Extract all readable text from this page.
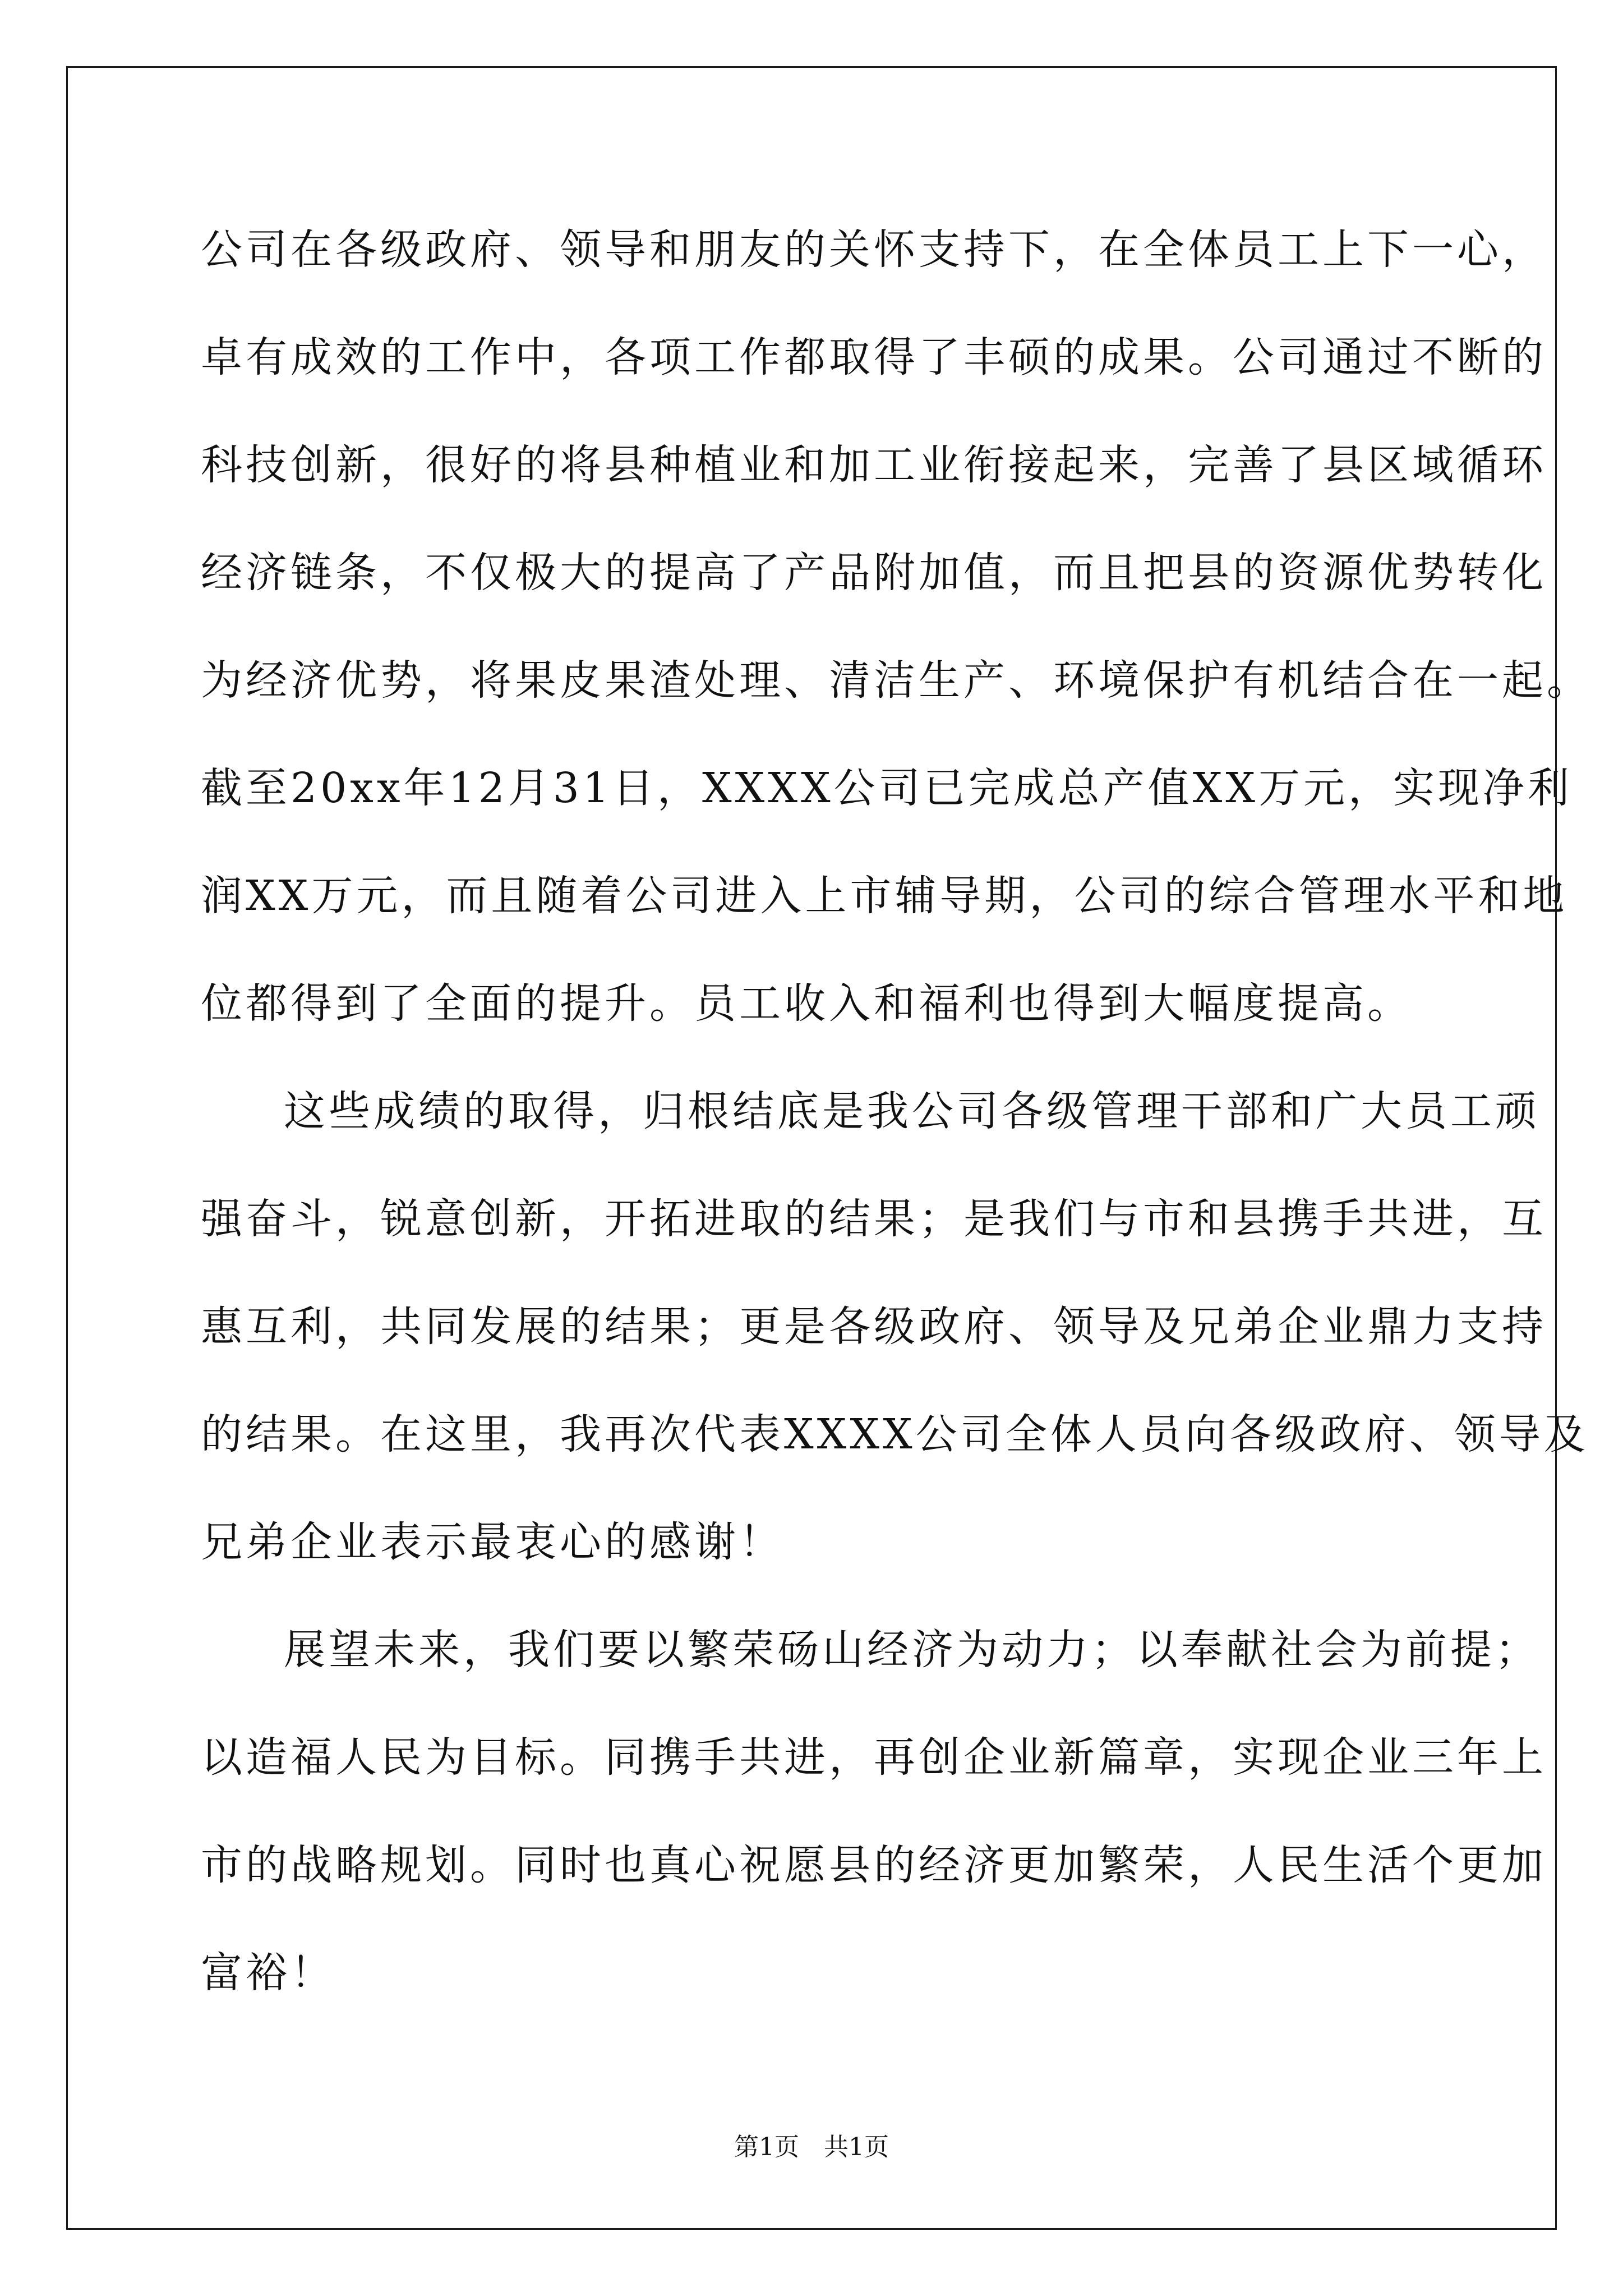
公司在各级政府、领导和朋友的关怀支持下，在全体员工上下一心，
卓有成效的工作中，各项工作都取得了丰硕的成果。公司通过不断的
科技创新，很好的将县种植业和加工业衔接起来，完善了县区域循环
经济链条，不仅极大的提高了产品附加值，而且把县的资源优势转化
为经济优势，将果皮果渣处理、清洁生产、环境保护有机结合在一起。
截至20xx年12月31日，XXXX公司已完成总产值XX万元，实现净利
润XX万元，而且随着公司进入上市辅导期，公司的综合管理水平和地
位都得到了全面的提升。员工收入和福利也得到大幅度提高。
这些成绩的取得，归根结底是我公司各级管理干部和广大员工顽
强奋斗，锐意创新，开拓进取的结果；是我们与市和县携手共进，互
惠互利，共同发展的结果；更是各级政府、领导及兄弟企业鼎力支持
的结果。在这里，我再次代表XXXX公司全体人员向各级政府、领导及
兄弟企业表示最衷心的感谢！
展望未来，我们要以繁荣砀山经济为动力；以奉献社会为前提；
以造福人民为目标。同携手共进，再创企业新篇章，实现企业三年上
市的战略规划。同时也真心祝愿县的经济更加繁荣，人民生活个更加
富裕！
第1页　共1页
